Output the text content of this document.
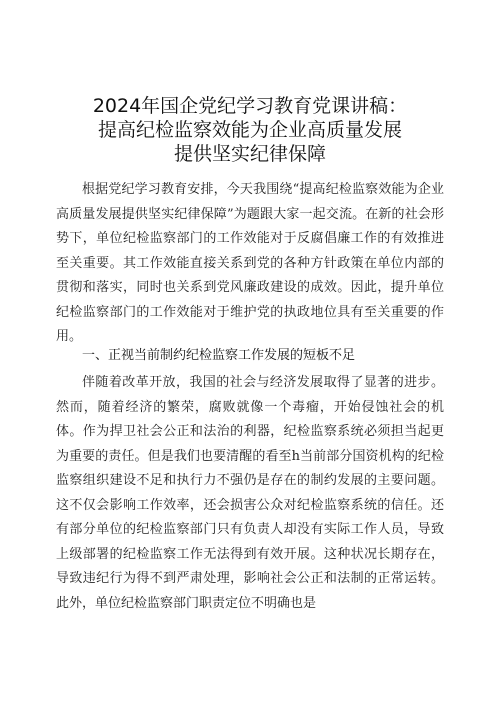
2024年国企党纪学习教育党课讲稿：
提高纪检监察效能为企业高质量发展
提供坚实纪律保障

根据党纪学习教育安排，今天我围绕“提高纪检监察效能为企业高质量发展提供坚实纪律保障”为题跟大家一起交流。在新的社会形势下，单位纪检监察部门的工作效能对于反腐倡廉工作的有效推进至关重要。其工作效能直接关系到党的各种方针政策在单位内部的贯彻和落实，同时也关系到党风廉政建设的成效。因此，提升单位纪检监察部门的工作效能对于维护党的执政地位具有至关重要的作用。

一、正视当前制约纪检监察工作发展的短板不足

伴随着改革开放，我国的社会与经济发展取得了显著的进步。然而，随着经济的繁荣，腐败就像一个毒瘤，开始侵蚀社会的机体。作为捍卫社会公正和法治的利器，纪检监察系统必须担当起更为重要的责任。但是我们也要清醒的看至h当前部分国资机构的纪检监察组织建设不足和执行力不强仍是存在的制约发展的主要问题。这不仅会影响工作效率，还会损害公众对纪检监察系统的信任。还有部分单位的纪检监察部门只有负责人却没有实际工作人员，导致上级部署的纪检监察工作无法得到有效开展。这种状况长期存在，导致违纪行为得不到严肃处理，影响社会公正和法制的正常运转。此外，单位纪检监察部门职责定位不明确也是
